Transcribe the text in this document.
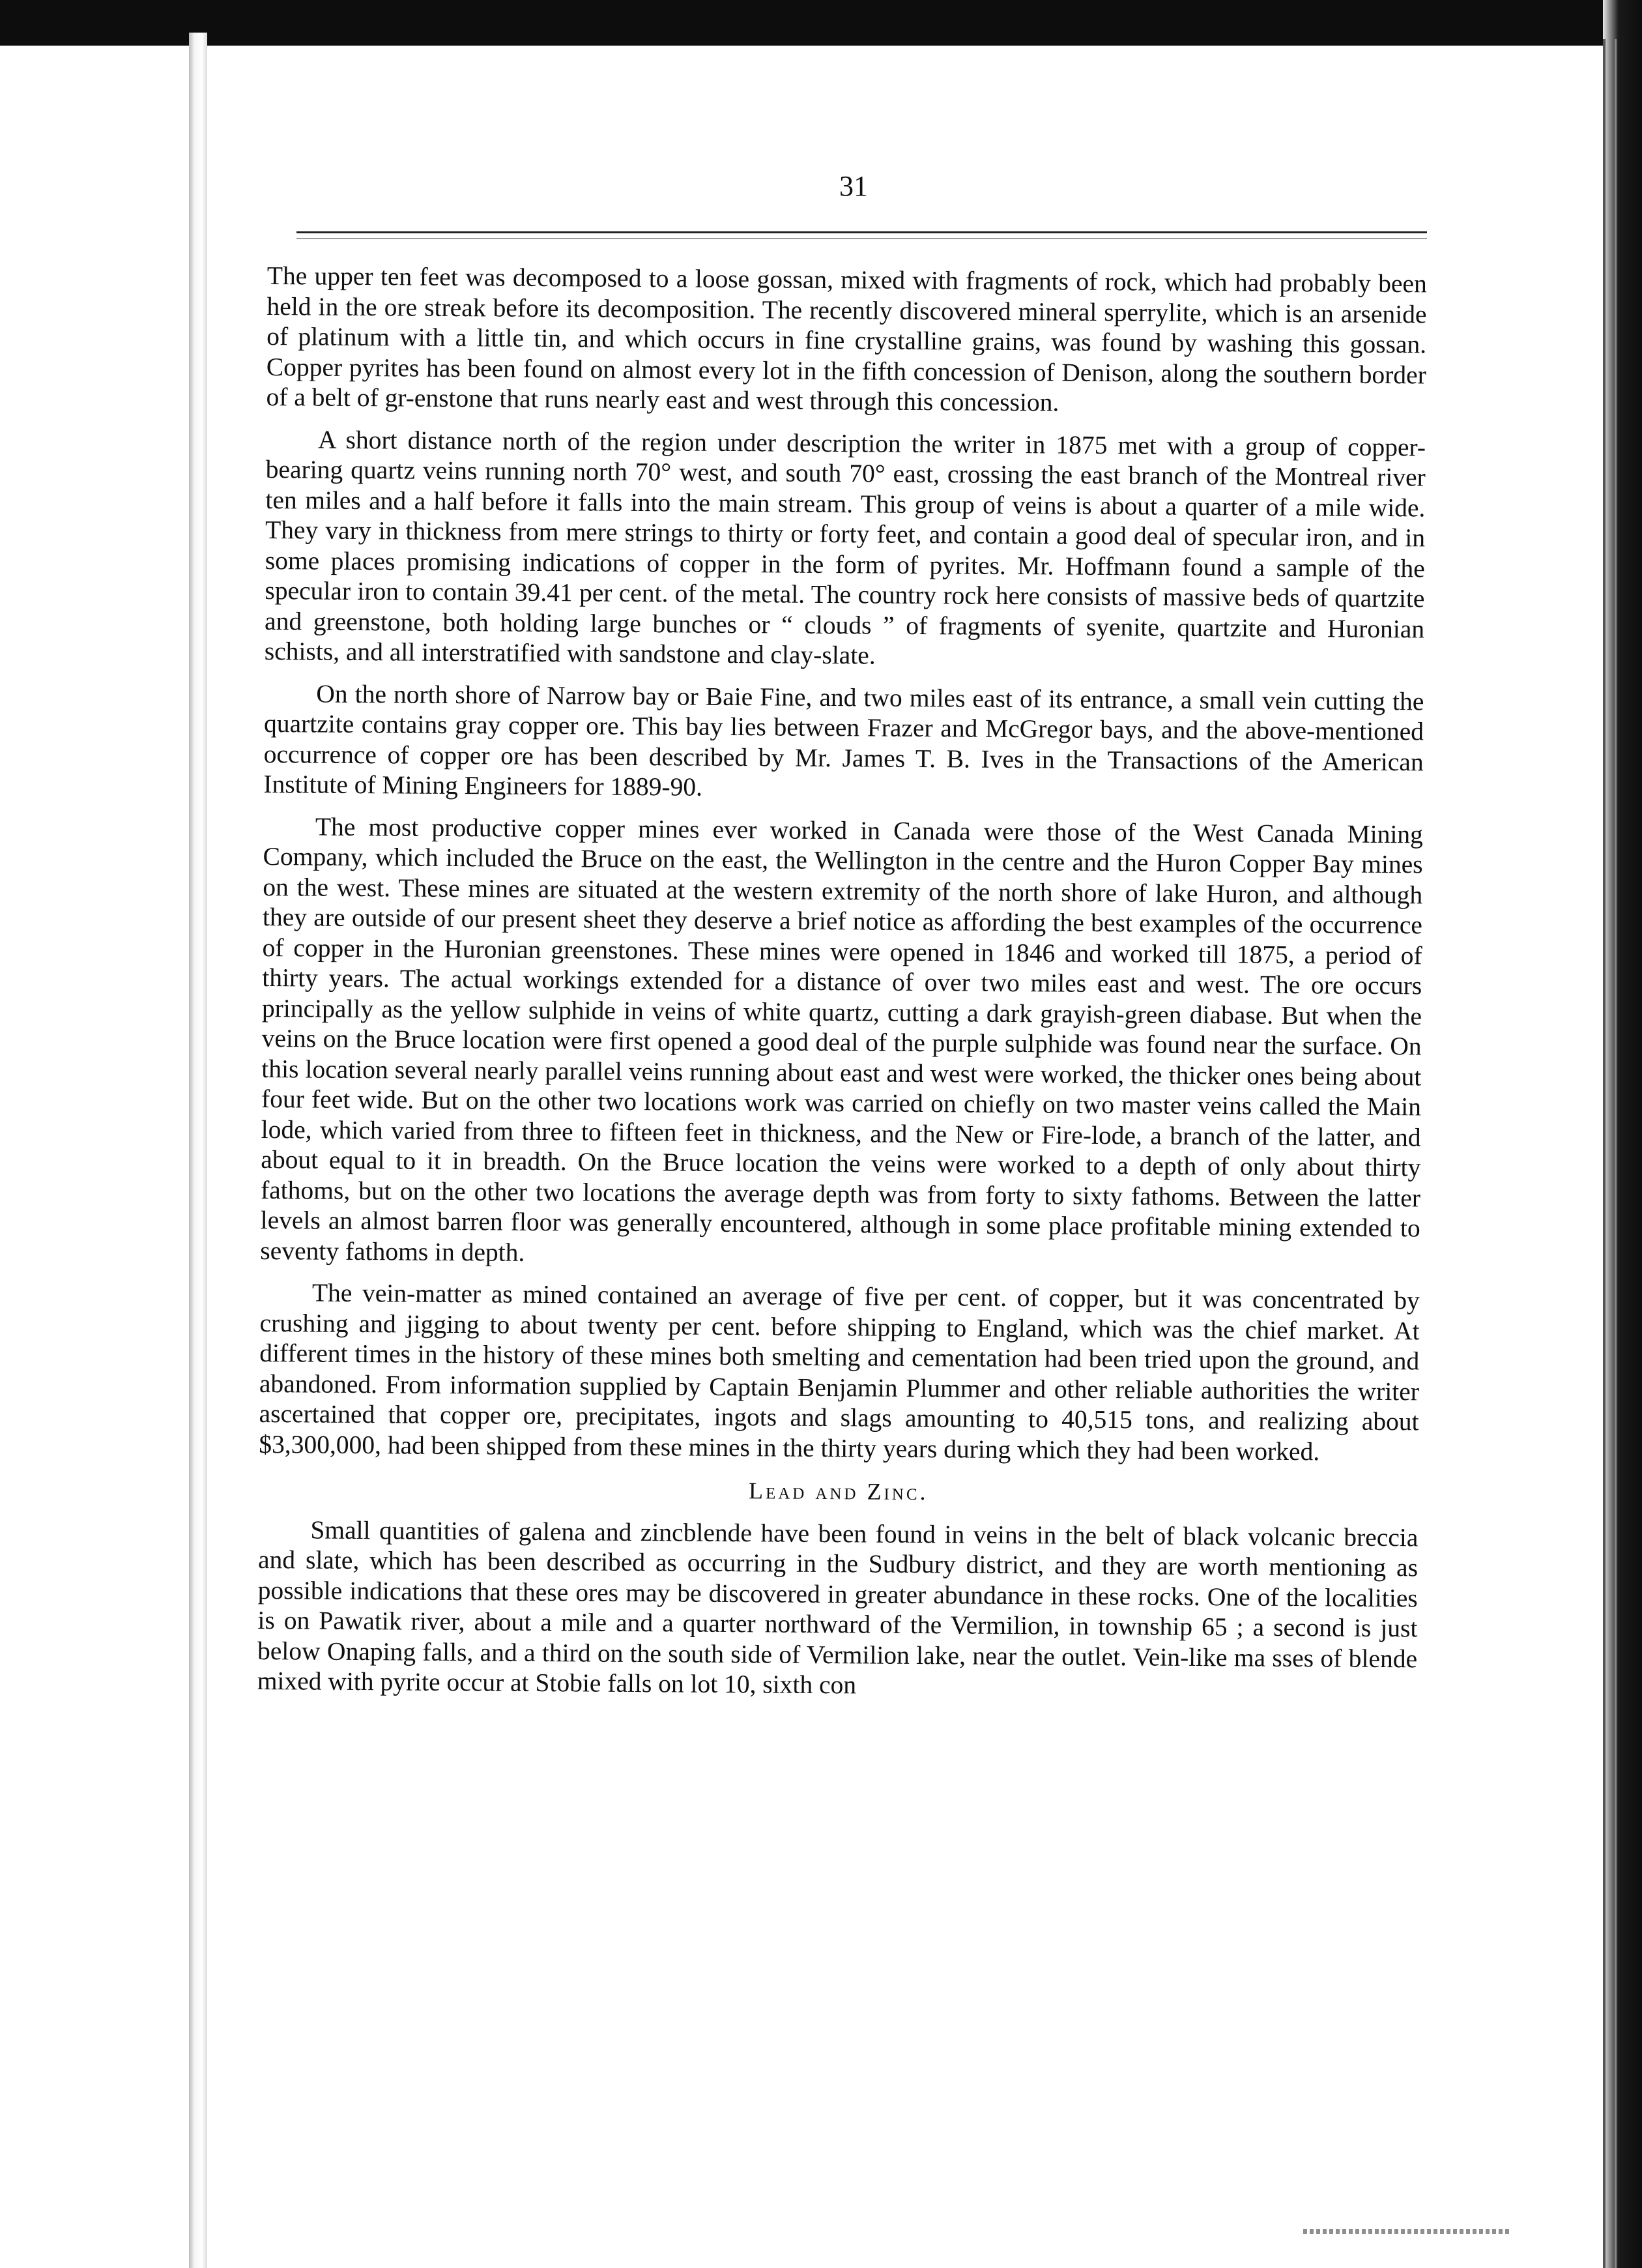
31

The upper ten feet was decomposed to a loose gossan, mixed with fragments of rock, which had probably been held in the ore streak before its decomposition. The recently discovered mineral sperrylite, which is an arsenide of platinum with a little tin, and which occurs in fine crystalline grains, was found by washing this gossan. Copper pyrites has been found on almost every lot in the fifth concession of Denison, along the southern border of a belt of gr-enstone that runs nearly east and west through this concession.

A short distance north of the region under description the writer in 1875 met with a group of copper-bearing quartz veins running north 70° west, and south 70° east, crossing the east branch of the Montreal river ten miles and a half before it falls into the main stream. This group of veins is about a quarter of a mile wide. They vary in thickness from mere strings to thirty or forty feet, and contain a good deal of specular iron, and in some places promising indications of copper in the form of pyrites. Mr. Hoffmann found a sample of the specular iron to contain 39.41 per cent. of the metal. The country rock here consists of massive beds of quartzite and greenstone, both holding large bunches or “ clouds ” of fragments of syenite, quartzite and Huronian schists, and all interstratified with sandstone and clay-slate.

On the north shore of Narrow bay or Baie Fine, and two miles east of its entrance, a small vein cutting the quartzite contains gray copper ore. This bay lies between Frazer and McGregor bays, and the above-mentioned occurrence of copper ore has been described by Mr. James T. B. Ives in the Transactions of the American Institute of Mining Engineers for 1889-90.

The most productive copper mines ever worked in Canada were those of the West Canada Mining Company, which included the Bruce on the east, the Wellington in the centre and the Huron Copper Bay mines on the west. These mines are situated at the western extremity of the north shore of lake Huron, and although they are outside of our present sheet they deserve a brief notice as affording the best examples of the occurrence of copper in the Huronian greenstones. These mines were opened in 1846 and worked till 1875, a period of thirty years. The actual workings extended for a distance of over two miles east and west. The ore occurs principally as the yellow sulphide in veins of white quartz, cutting a dark grayish-green diabase. But when the veins on the Bruce location were first opened a good deal of the purple sulphide was found near the surface. On this location several nearly parallel veins running about east and west were worked, the thicker ones being about four feet wide. But on the other two locations work was carried on chiefly on two master veins called the Main lode, which varied from three to fifteen feet in thickness, and the New or Fire-lode, a branch of the latter, and about equal to it in breadth. On the Bruce location the veins were worked to a depth of only about thirty fathoms, but on the other two locations the average depth was from forty to sixty fathoms. Between the latter levels an almost barren floor was generally encountered, although in some place profitable mining extended to seventy fathoms in depth.

The vein-matter as mined contained an average of five per cent. of copper, but it was concentrated by crushing and jigging to about twenty per cent. before shipping to England, which was the chief market. At different times in the history of these mines both smelting and cementation had been tried upon the ground, and abandoned. From information supplied by Captain Benjamin Plummer and other reliable authorities the writer ascertained that copper ore, precipitates, ingots and slags amounting to 40,515 tons, and realizing about $3,300,000, had been shipped from these mines in the thirty years during which they had been worked.

Lead and Zinc.

Small quantities of galena and zincblende have been found in veins in the belt of black volcanic breccia and slate, which has been described as occurring in the Sudbury district, and they are worth mentioning as possible indications that these ores may be discovered in greater abundance in these rocks. One of the localities is on Pawatik river, about a mile and a quarter northward of the Vermilion, in township 65 ; a second is just below Onaping falls, and a third on the south side of Vermilion lake, near the outlet. Vein-like ma sses of blende mixed with pyrite occur at Stobie falls on lot 10, sixth con
